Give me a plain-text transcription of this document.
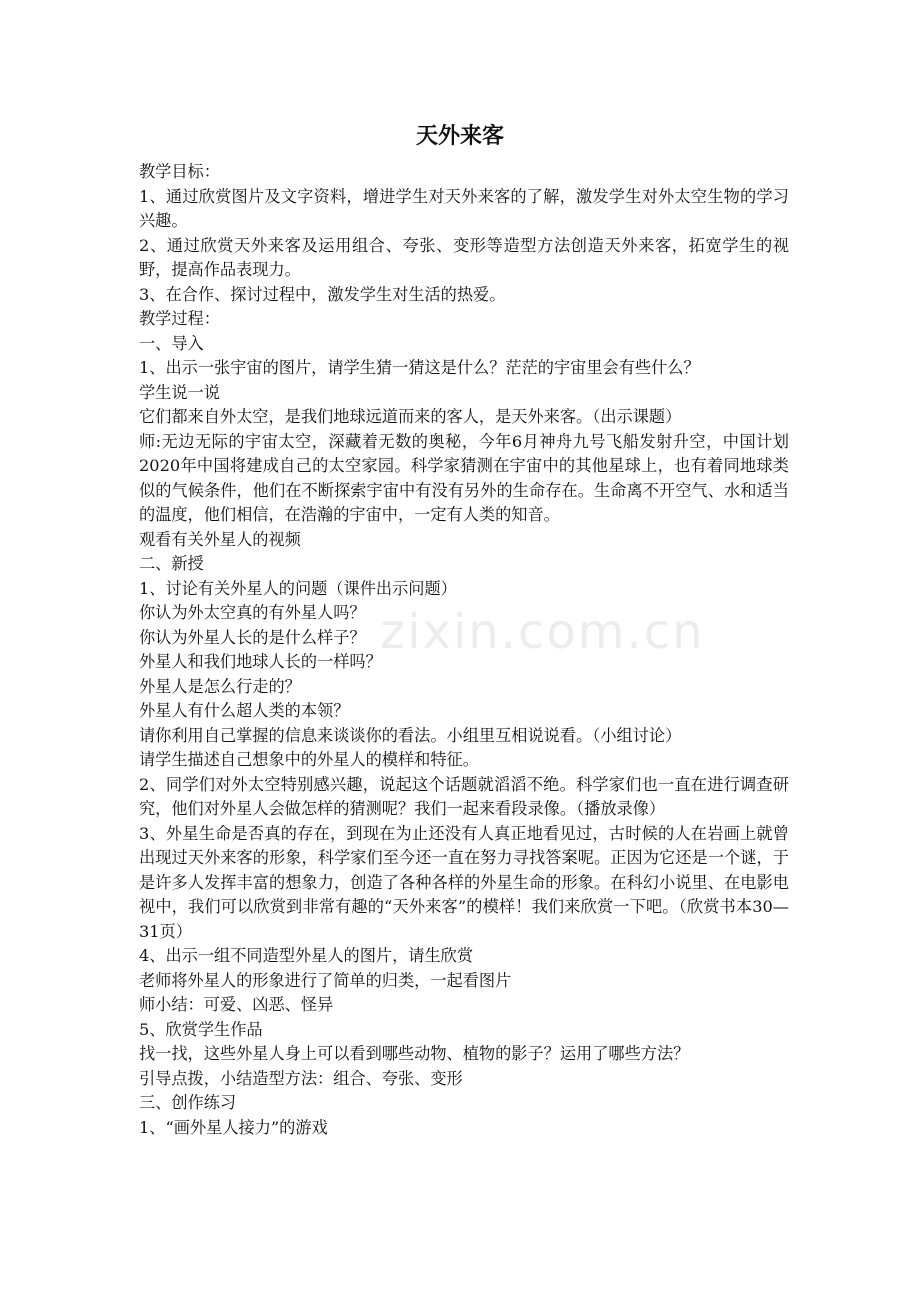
天外来客
zixin.com.cn

教学目标：

1、通过欣赏图片及文字资料，增进学生对天外来客的了解，激发学生对外太空生物的学习兴趣。

2、通过欣赏天外来客及运用组合、夸张、变形等造型方法创造天外来客，拓宽学生的视野，提高作品表现力。

3、在合作、探讨过程中，激发学生对生活的热爱。

教学过程：

一、导入

1、出示一张宇宙的图片，请学生猜一猜这是什么？茫茫的宇宙里会有些什么？

学生说一说

它们都来自外太空，是我们地球远道而来的客人，是天外来客。（出示课题）

师:无边无际的宇宙太空，深藏着无数的奥秘，今年6月神舟九号飞船发射升空，中国计划2020年中国将建成自己的太空家园。科学家猜测在宇宙中的其他星球上，也有着同地球类似的气候条件，他们在不断探索宇宙中有没有另外的生命存在。生命离不开空气、水和适当的温度，他们相信，在浩瀚的宇宙中，一定有人类的知音。

观看有关外星人的视频

二、新授

1、讨论有关外星人的问题（课件出示问题）

你认为外太空真的有外星人吗？

你认为外星人长的是什么样子？

外星人和我们地球人长的一样吗？

外星人是怎么行走的？

外星人有什么超人类的本领？

请你利用自己掌握的信息来谈谈你的看法。小组里互相说说看。（小组讨论）

请学生描述自己想象中的外星人的模样和特征。

2、同学们对外太空特别感兴趣，说起这个话题就滔滔不绝。科学家们也一直在进行调查研究，他们对外星人会做怎样的猜测呢？我们一起来看段录像。（播放录像）

3、外星生命是否真的存在，到现在为止还没有人真正地看见过，古时候的人在岩画上就曾出现过天外来客的形象，科学家们至今还一直在努力寻找答案呢。正因为它还是一个谜，于是许多人发挥丰富的想象力，创造了各种各样的外星生命的形象。在科幻小说里、在电影电视中，我们可以欣赏到非常有趣的“天外来客”的模样！我们来欣赏一下吧。（欣赏书本30—31页）

4、出示一组不同造型外星人的图片，请生欣赏

老师将外星人的形象进行了简单的归类，一起看图片

师小结：可爱、凶恶、怪异

5、欣赏学生作品

找一找，这些外星人身上可以看到哪些动物、植物的影子？运用了哪些方法？

引导点拨，小结造型方法：组合、夸张、变形

三、创作练习

1、“画外星人接力”的游戏
